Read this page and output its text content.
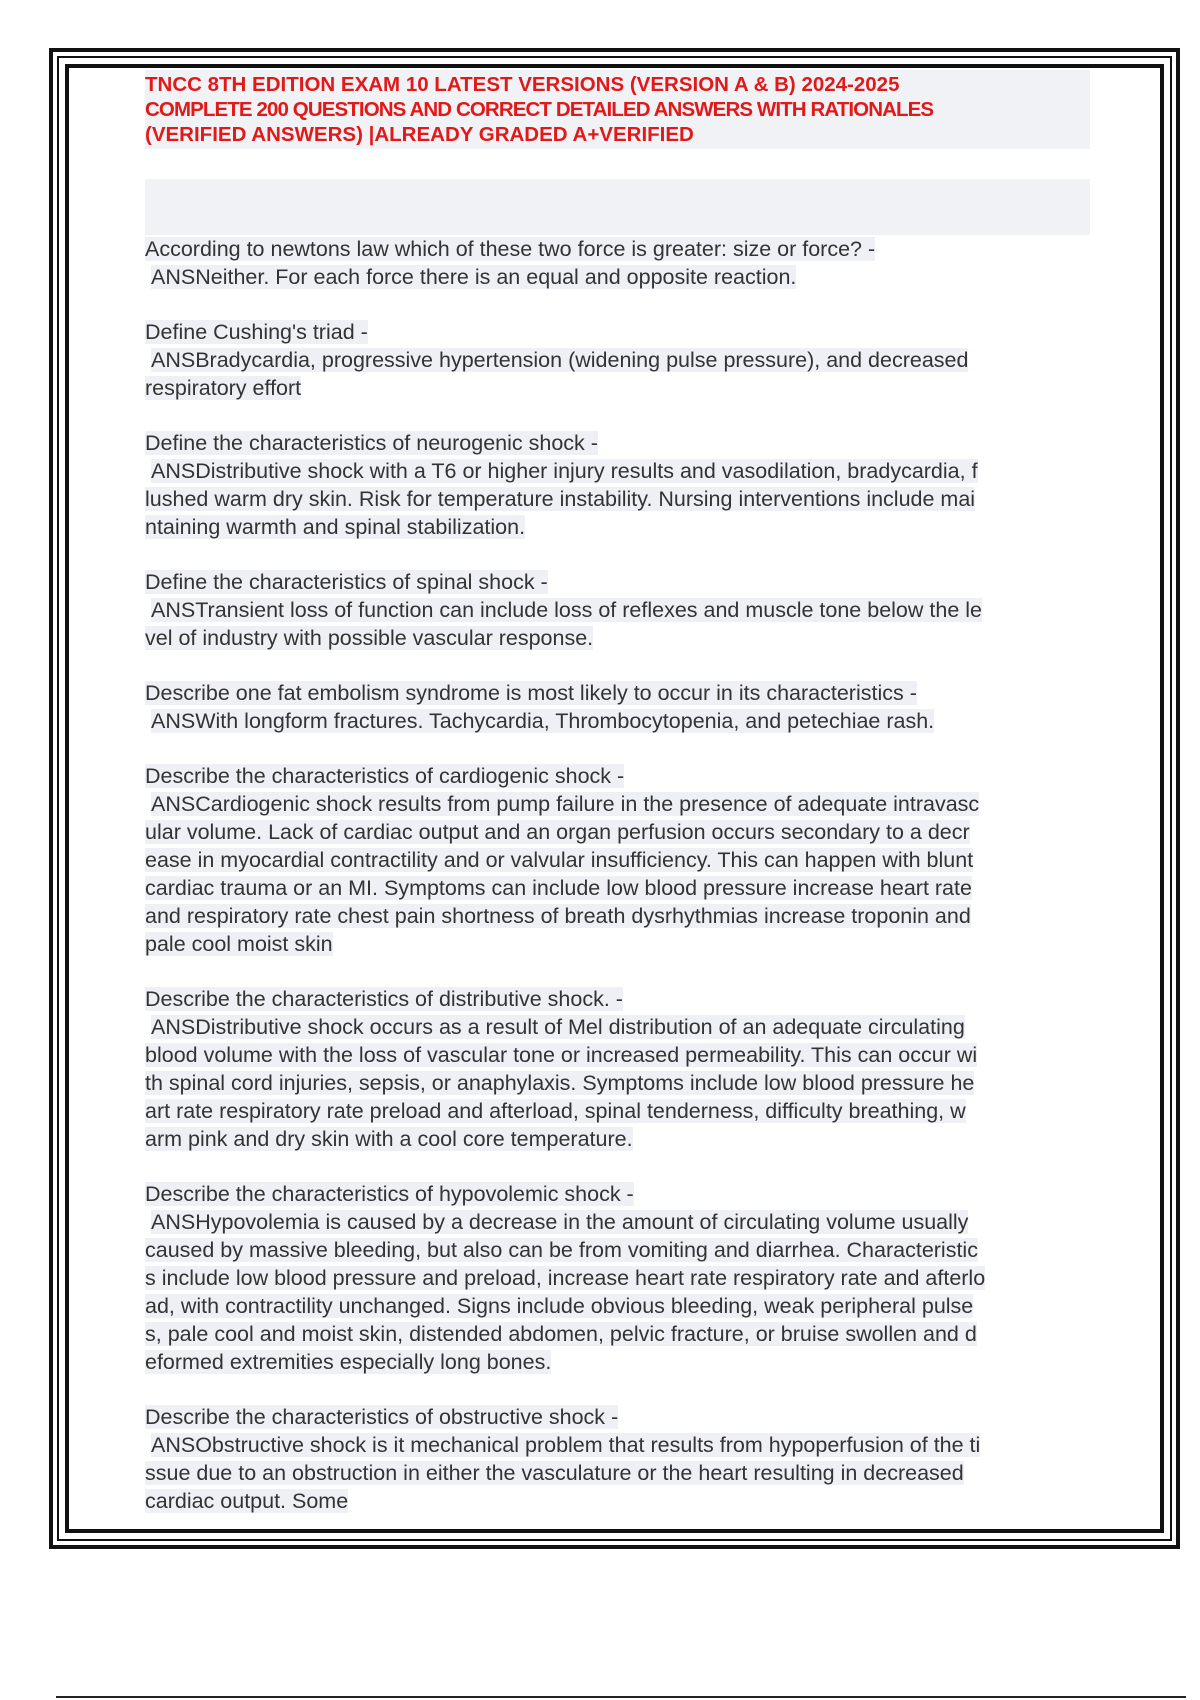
TNCC 8TH EDITION EXAM 10 LATEST VERSIONS (VERSION A & B) 2024-2025
COMPLETE 200 QUESTIONS AND CORRECT DETAILED ANSWERS WITH RATIONALES
(VERIFIED ANSWERS) |ALREADY GRADED A+VERIFIED
According to newtons law which of these two force is greater: size or force? -
ANSNeither. For each force there is an equal and opposite reaction.
Define Cushing's triad -
ANSBradycardia, progressive hypertension (widening pulse pressure), and decreased
respiratory effort
Define the characteristics of neurogenic shock -
ANSDistributive shock with a T6 or higher injury results and vasodilation, bradycardia, f
lushed warm dry skin. Risk for temperature instability. Nursing interventions include mai
ntaining warmth and spinal stabilization.
Define the characteristics of spinal shock -
ANSTransient loss of function can include loss of reflexes and muscle tone below the le
vel of industry with possible vascular response.
Describe one fat embolism syndrome is most likely to occur in its characteristics -
ANSWith longform fractures. Tachycardia, Thrombocytopenia, and petechiae rash.
Describe the characteristics of cardiogenic shock -
ANSCardiogenic shock results from pump failure in the presence of adequate intravasc
ular volume. Lack of cardiac output and an organ perfusion occurs secondary to a decr
ease in myocardial contractility and or valvular insufficiency. This can happen with blunt
cardiac trauma or an MI. Symptoms can include low blood pressure increase heart rate
and respiratory rate chest pain shortness of breath dysrhythmias increase troponin and
pale cool moist skin
Describe the characteristics of distributive shock. -
ANSDistributive shock occurs as a result of Mel distribution of an adequate circulating
blood volume with the loss of vascular tone or increased permeability. This can occur wi
th spinal cord injuries, sepsis, or anaphylaxis. Symptoms include low blood pressure he
art rate respiratory rate preload and afterload, spinal tenderness, difficulty breathing, w
arm pink and dry skin with a cool core temperature.
Describe the characteristics of hypovolemic shock -
ANSHypovolemia is caused by a decrease in the amount of circulating volume usually
caused by massive bleeding, but also can be from vomiting and diarrhea. Characteristic
s include low blood pressure and preload, increase heart rate respiratory rate and afterlo
ad, with contractility unchanged. Signs include obvious bleeding, weak peripheral pulse
s, pale cool and moist skin, distended abdomen, pelvic fracture, or bruise swollen and d
eformed extremities especially long bones.
Describe the characteristics of obstructive shock -
ANSObstructive shock is it mechanical problem that results from hypoperfusion of the ti
ssue due to an obstruction in either the vasculature or the heart resulting in decreased
cardiac output. Some
